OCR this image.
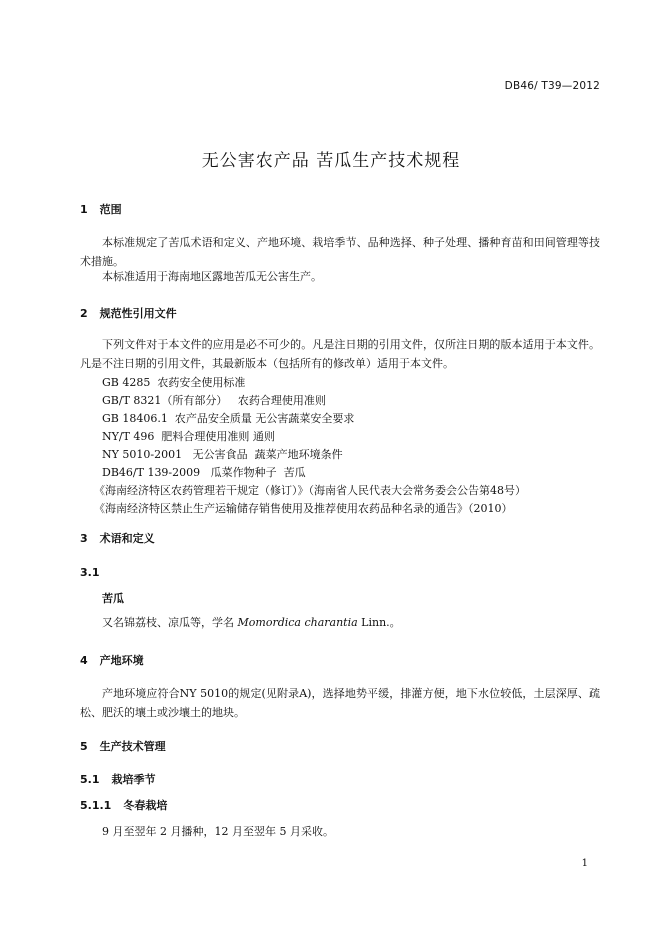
DB46/ T39—2012
无公害农产品 苦瓜生产技术规程
1 范围
本标准规定了苦瓜术语和定义、产地环境、栽培季节、品种选择、种子处理、播种育苗和田间管理等技术措施。
本标准适用于海南地区露地苦瓜无公害生产。
2 规范性引用文件
下列文件对于本文件的应用是必不可少的。凡是注日期的引用文件，仅所注日期的版本适用于本文件。凡是不注日期的引用文件，其最新版本（包括所有的修改单）适用于本文件。
GB 4285  农药安全使用标准
GB/T 8321（所有部分）   农药合理使用准则
GB 18406.1  农产品安全质量 无公害蔬菜安全要求
NY/T 496  肥料合理使用准则 通则
NY 5010-2001   无公害食品  蔬菜产地环境条件
DB46/T 139-2009   瓜菜作物种子  苦瓜
《海南经济特区农药管理若干规定（修订）》（海南省人民代表大会常务委会公告第48号）
《海南经济特区禁止生产运输储存销售使用及推荐使用农药品种名录的通告》（2010）
3 术语和定义
3.1
苦瓜
又名锦荔枝、凉瓜等，学名 Momordica charantia Linn.。
4 产地环境
产地环境应符合NY 5010的规定(见附录A)，选择地势平缓，排灌方便，地下水位较低，土层深厚、疏松、肥沃的壤土或沙壤土的地块。
5 生产技术管理
5.1 栽培季节
5.1.1 冬春栽培
9 月至翌年 2 月播种，12 月至翌年 5 月采收。
1
